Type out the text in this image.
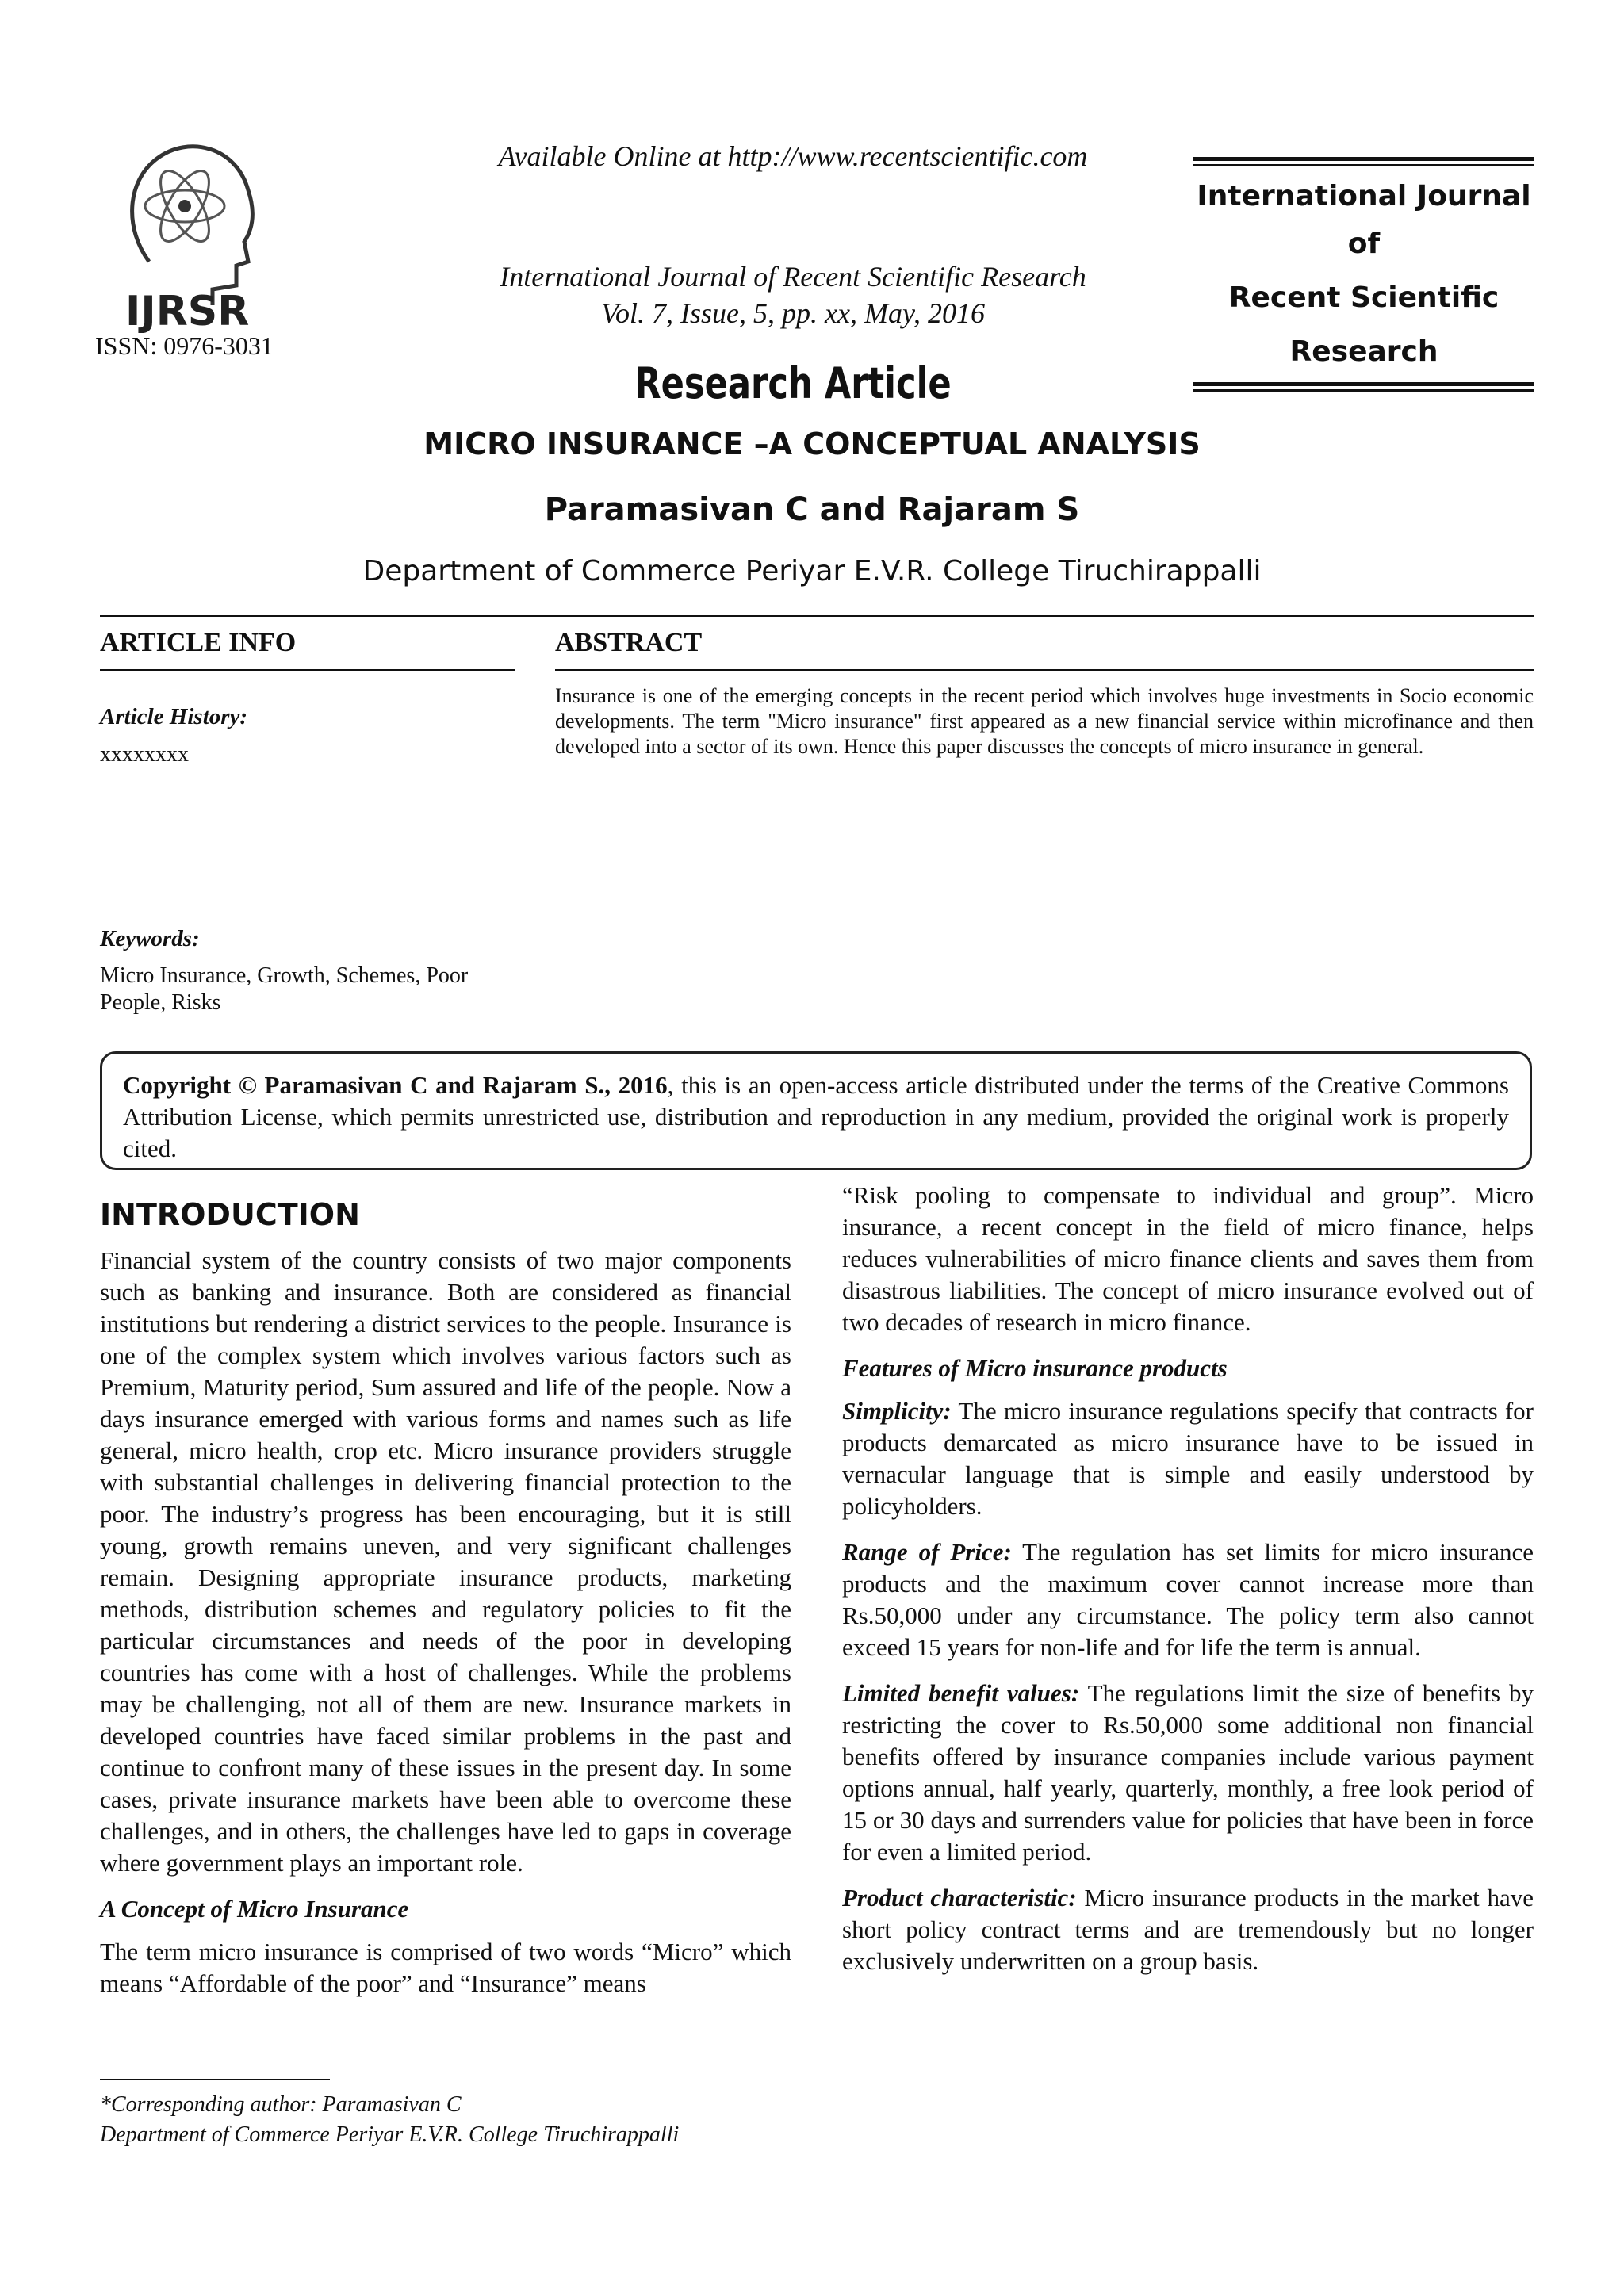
IJRSR
ISSN: 0976-3031
Available Online at http://www.recentscientific.com
International Journal of Recent Scientific Research
Vol. 7, Issue, 5, pp. xx, May, 2016
International Journal of
Recent Scientific
Research
Research Article
MICRO INSURANCE –A CONCEPTUAL ANALYSIS
Paramasivan C and Rajaram S
Department of Commerce Periyar E.V.R. College Tiruchirappalli
ARTICLE INFO
Article History:
xxxxxxxx
Keywords:
Micro Insurance, Growth, Schemes, Poor People, Risks
ABSTRACT
Insurance is one of the emerging concepts in the recent period which involves huge investments in Socio economic developments. The term "Micro insurance" first appeared as a new financial service within microfinance and then developed into a sector of its own. Hence this paper discusses the concepts of micro insurance in general.
Copyright © Paramasivan C and Rajaram S., 2016, this is an open-access article distributed under the terms of the Creative Commons Attribution License, which permits unrestricted use, distribution and reproduction in any medium, provided the original work is properly cited.
INTRODUCTION

Financial system of the country consists of two major components such as banking and insurance. Both are considered as financial institutions but rendering a district services to the people. Insurance is one of the complex system which involves various factors such as Premium, Maturity period, Sum assured and life of the people. Now a days insurance emerged with various forms and names such as life general, micro health, crop etc. Micro insurance providers struggle with substantial challenges in delivering financial protection to the poor. The industry’s progress has been encouraging, but it is still young, growth remains uneven, and very significant challenges remain. Designing appropriate insurance products, marketing methods, distribution schemes and regulatory policies to fit the particular circumstances and needs of the poor in developing countries has come with a host of challenges. While the problems may be challenging, not all of them are new. Insurance markets in developed countries have faced similar problems in the past and continue to confront many of these issues in the present day. In some cases, private insurance markets have been able to overcome these challenges, and in others, the challenges have led to gaps in coverage where government plays an important role.

A Concept of Micro Insurance

The term micro insurance is comprised of two words “Micro” which means “Affordable of the poor” and “Insurance” means

“Risk pooling to compensate to individual and group”. Micro insurance, a recent concept in the field of micro finance, helps reduces vulnerabilities of micro finance clients and saves them from disastrous liabilities. The concept of micro insurance evolved out of two decades of research in micro finance.

Features of Micro insurance products

Simplicity: The micro insurance regulations specify that contracts for products demarcated as micro insurance have to be issued in vernacular language that is simple and easily understood by policyholders.

Range of Price: The regulation has set limits for micro insurance products and the maximum cover cannot increase more than Rs.50,000 under any circumstance. The policy term also cannot exceed 15 years for non-life and for life the term is annual.

Limited benefit values: The regulations limit the size of benefits by restricting the cover to Rs.50,000 some additional non financial benefits offered by insurance companies include various payment options annual, half yearly, quarterly, monthly, a free look period of 15 or 30 days and surrenders value for policies that have been in force for even a limited period.

Product characteristic: Micro insurance products in the market have short policy contract terms and are tremendously but no longer exclusively underwritten on a group basis.

*Corresponding author: Paramasivan C
Department of Commerce Periyar E.V.R. College Tiruchirappalli
